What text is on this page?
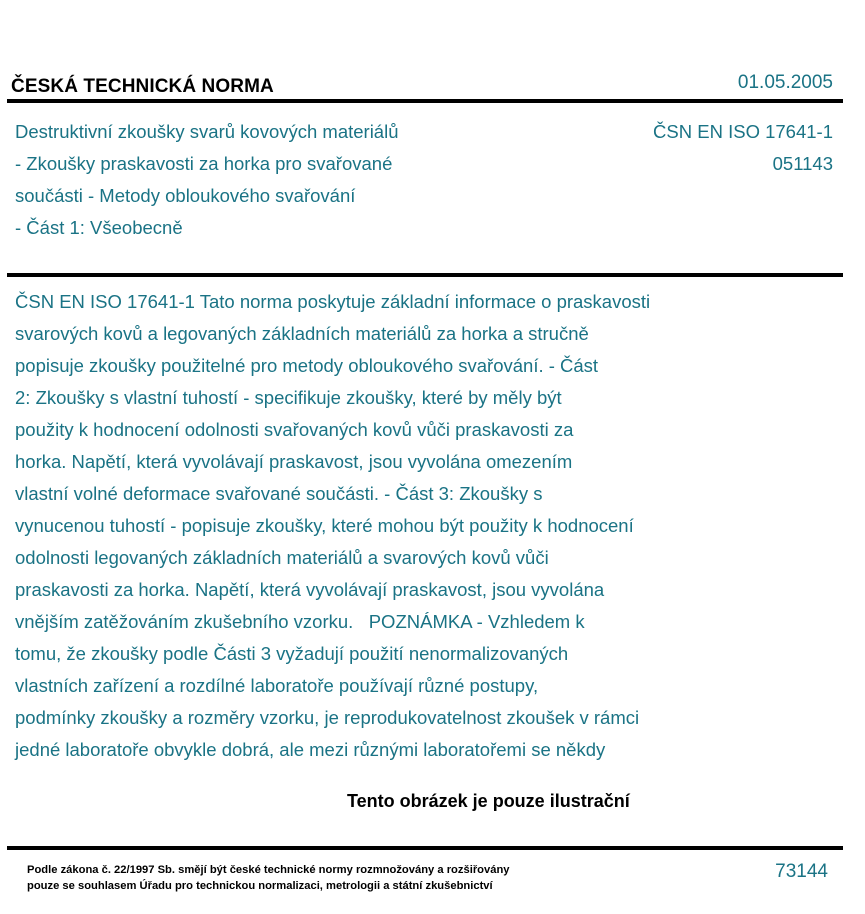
ČESKÁ TECHNICKÁ NORMA	01.05.2005
Destruktivní zkoušky svarů kovových materiálů
- Zkoušky praskavosti za horka pro svařované
součásti - Metody obloukového svařování
- Část 1: Všeobecně
ČSN EN ISO 17641-1
051143
ČSN EN ISO 17641-1 Tato norma poskytuje základní informace o praskavosti
svarových kovů a legovaných základních materiálů za horka a stručně
popisuje zkoušky použitelné pro metody obloukového svařování. - Část
2: Zkoušky s vlastní tuhostí - specifikuje zkoušky, které by měly být
použity k hodnocení odolnosti svařovaných kovů vůči praskavosti za
horka. Napětí, která vyvolávají praskavost, jsou vyvolána omezením
vlastní volné deformace svařované součásti. - Část 3: Zkoušky s
vynucenou tuhostí - popisuje zkoušky, které mohou být použity k hodnocení
odolnosti legovaných základních materiálů a svarových kovů vůči
praskavosti za horka. Napětí, která vyvolávají praskavost, jsou vyvolána
vnějším zatěžováním zkušebního vzorku.   POZNÁMKA - Vzhledem k
tomu, že zkoušky podle Části 3 vyžadují použití nenormalizovaných
vlastních zařízení a rozdílné laboratoře používají různé postupy,
podmínky zkoušky a rozměry vzorku, je reprodukovatelnost zkoušek v rámci
jedné laboratoře obvykle dobrá, ale mezi různými laboratořemi se někdy
Tento obrázek je pouze ilustrační
Podle zákona č. 22/1997 Sb. smějí být české technické normy rozmnožovány a rozšiřovány
pouze se souhlasem Úřadu pro technickou normalizaci, metrologii a státní zkušebnictví
73144
